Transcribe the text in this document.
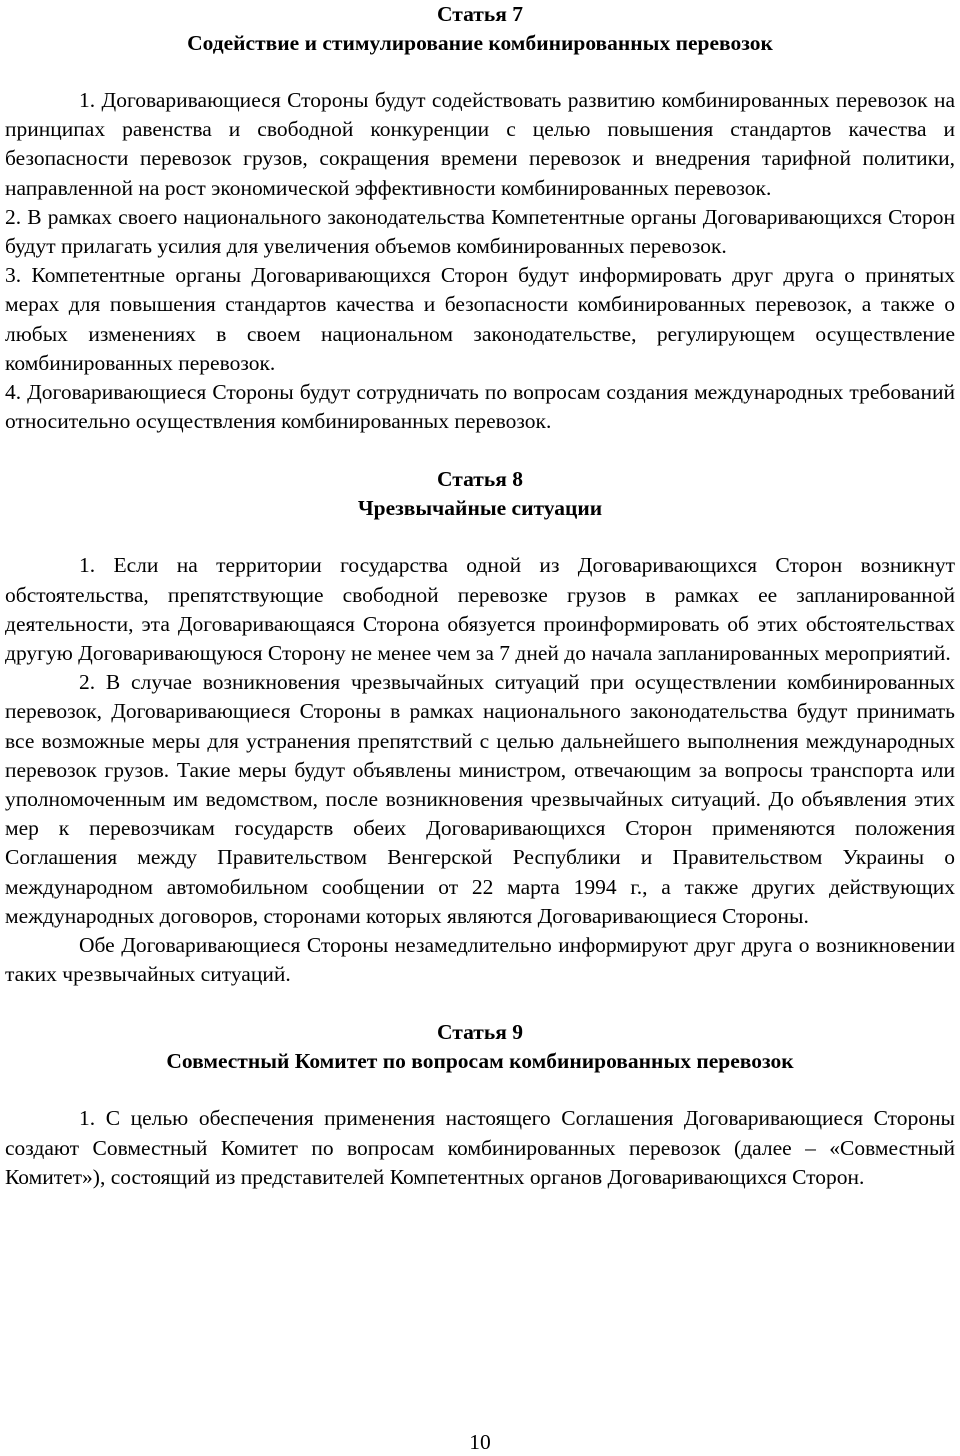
Статья 7
Содействие и стимулирование комбинированных перевозок

1. Договаривающиеся Стороны будут содействовать развитию комбинированных перевозок на принципах равенства и свободной конкуренции с целью повышения стандартов качества и безопасности перевозок грузов, сокращения времени перевозок и внедрения тарифной политики, направленной на рост экономической эффективности комбинированных перевозок.

2. В рамках своего национального законодательства Компетентные органы Договаривающихся Сторон будут прилагать усилия для увеличения объемов комбинированных перевозок.

3. Компетентные органы Договаривающихся Сторон будут информировать друг друга о принятых мерах для повышения стандартов качества и безопасности комбинированных перевозок, а также о любых изменениях в своем национальном законодательстве, регулирующем осуществление комбинированных перевозок.

4. Договаривающиеся Стороны будут сотрудничать по вопросам создания международных требований относительно осуществления комбинированных перевозок.

Статья 8
Чрезвычайные ситуации

1. Если на территории государства одной из Договаривающихся Сторон возникнут обстоятельства, препятствующие свободной перевозке грузов в рамках ее запланированной деятельности, эта Договаривающаяся Сторона обязуется проинформировать об этих обстоятельствах другую Договаривающуюся Сторону не менее чем за 7 дней до начала запланированных мероприятий.

2. В случае возникновения чрезвычайных ситуаций при осуществлении комбинированных перевозок, Договаривающиеся Стороны в рамках национального законодательства будут принимать все возможные меры для устранения препятствий с целью дальнейшего выполнения международных перевозок грузов. Такие меры будут объявлены министром, отвечающим за вопросы транспорта или уполномоченным им ведомством, после возникновения чрезвычайных ситуаций. До объявления этих мер к перевозчикам государств обеих Договаривающихся Сторон применяются положения Соглашения между Правительством Венгерской Республики и Правительством Украины о международном автомобильном сообщении от 22 марта 1994 г., а также других действующих международных договоров, сторонами которых являются Договаривающиеся Стороны.

Обе Договаривающиеся Стороны незамедлительно информируют друг друга о возникновении таких чрезвычайных ситуаций.

Статья 9
Совместный Комитет по вопросам комбинированных перевозок

1. С целью обеспечения применения настоящего Соглашения Договаривающиеся Стороны создают Совместный Комитет по вопросам комбинированных перевозок (далее – «Совместный Комитет»), состоящий из представителей Компетентных органов Договаривающихся Сторон.

10
